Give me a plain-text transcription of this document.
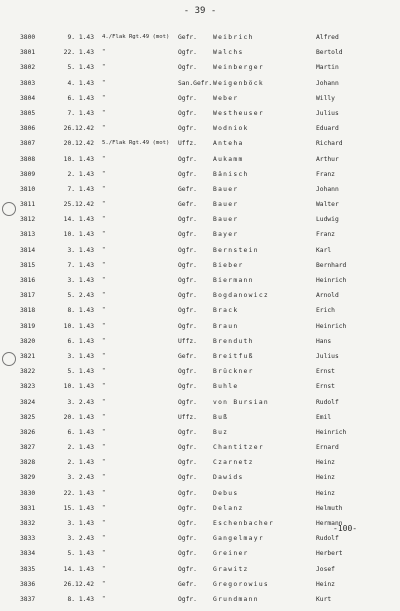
- 39 -
3800	9. 1.43 4./Flak Rgt.49 (mot) Gefr.	Weibrich	Alfred
3801	22. 1.43 "	Ogfr.	Walchs	Bertold
3802	5. 1.43 "	Ogfr.	Weinberger	Martin
3803	4. 1.43 "	San.Gefr. Weigenböck	Johann
3804	6. 1.43 "	Ogfr.	Weber	Willy
3805	7. 1.43 "	Ogfr.	Westheuser	Julius
3806	26.12.42 "	Ogfr.	Wodniok	Eduard
3807	20.12.42 5./Flak Rgt.49 (mot) Uffz.	Anteha	Richard
3808	10. 1.43 "	Ogfr.	Aukamm	Arthur
3809	2. 1.43 "	Ogfr.	Bänisch	Franz
3810	7. 1.43 "	Gefr.	Bauer	Johann
3811	25.12.42 "	Gefr.	Bauer	Walter
3812	14. 1.43 "	Ogfr.	Bauer	Ludwig
3813	10. 1.43 "	Ogfr.	Bayer	Franz
3814	3. 1.43 "	Ogfr.	Bernstein	Karl
3815	7. 1.43 "	Ogfr.	Bieber	Bernhard
3816	3. 1.43 "	Ogfr.	Biermann	Heinrich
3817	5. 2.43 "	Ogfr.	Bogdanowicz	Arnold
3818	8. 1.43 "	Ogfr.	Brack	Erich
3819	10. 1.43 "	Ogfr.	Braun	Heinrich
3820	6. 1.43 "	Uffz.	Brenduth	Hans
3821	3. 1.43 "	Gefr.	Breitfuß	Julius
3822	5. 1.43 "	Ogfr.	Brückner	Ernst
3823	10. 1.43 "	Ogfr.	Buhle	Ernst
3824	3. 2.43 "	Ogfr.	von Bursian	Rudolf
3825	20. 1.43 "	Uffz.	Buß	Emil
3826	6. 1.43 "	Ogfr.	Buz	Heinrich
3827	2. 1.43 "	Ogfr.	Chantitzer	Ernard
3828	2. 1.43 "	Ogfr.	Czarnetz	Heinz
3829	3. 2.43 "	Ogfr.	Dawids	Heinz
3830	22. 1.43 "	Ogfr.	Debus	Heinz
3831	15. 1.43 "	Ogfr.	Delanz	Helmuth
3832	3. 1.43 "	Ogfr.	Eschenbacher	Hermann
3833	3. 2.43 "	Ogfr.	Gangelmayr	Rudolf
3834	5. 1.43 "	Ogfr.	Greiner	Herbert
3835	14. 1.43 "	Ogfr.	Grawitz	Josef
3836	26.12.42 "	Gefr.	Gregorowius	Heinz
3837	8. 1.43 "	Ogfr.	Grundmann	Kurt
-100-
